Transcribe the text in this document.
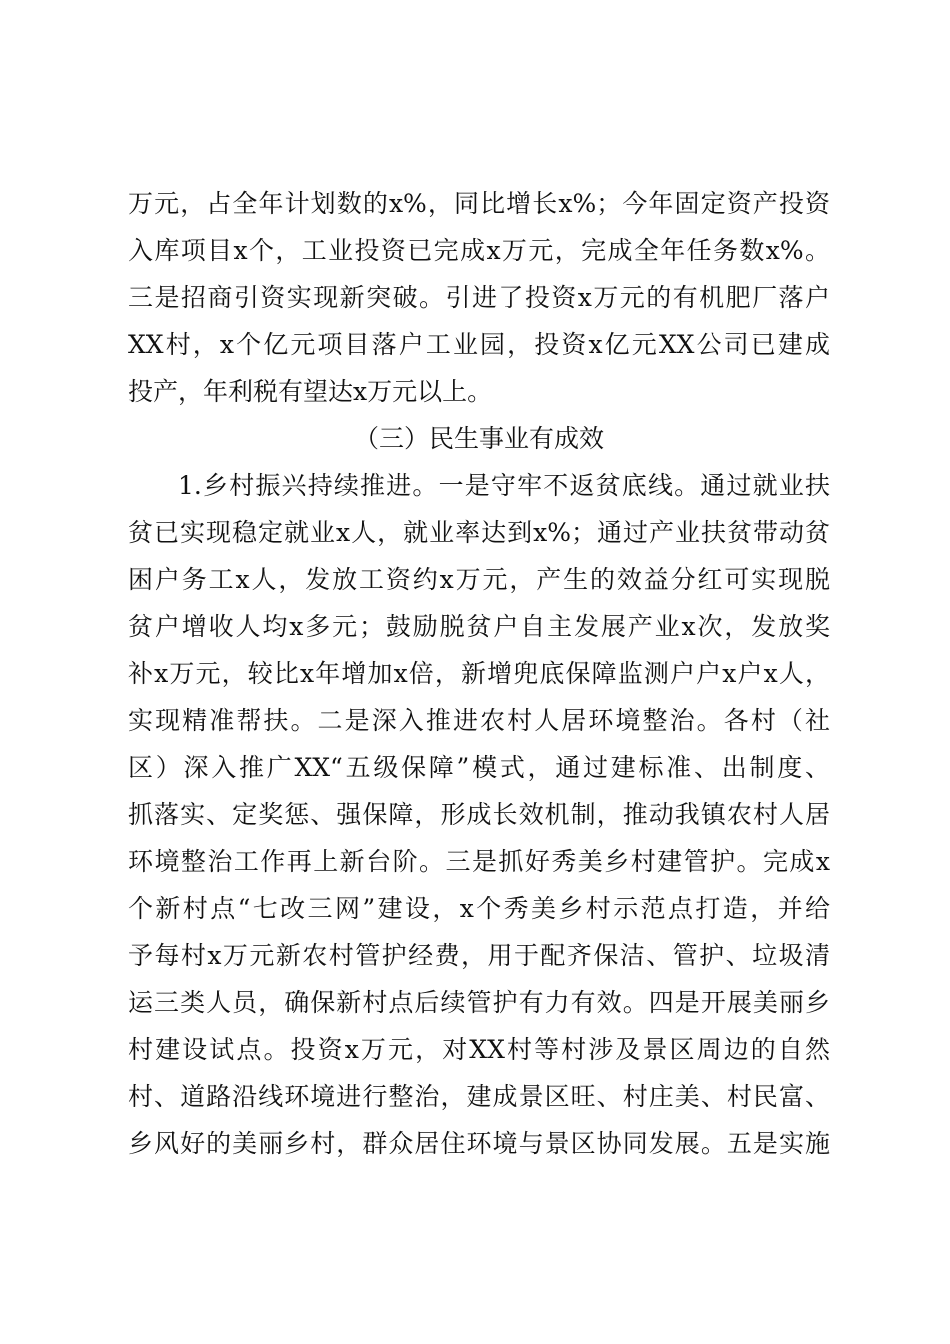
万元，占全年计划数的x%，同比增长x%；今年固定资产投资
入库项目x个，工业投资已完成x万元，完成全年任务数x%。
三是招商引资实现新突破。引进了投资x万元的有机肥厂落户
XX村，x个亿元项目落户工业园，投资x亿元XX公司已建成
投产，年利税有望达x万元以上。
（三）民生事业有成效
1.乡村振兴持续推进。一是守牢不返贫底线。通过就业扶
贫已实现稳定就业x人，就业率达到x%；通过产业扶贫带动贫
困户务工x人，发放工资约x万元，产生的效益分红可实现脱
贫户增收人均x多元；鼓励脱贫户自主发展产业x次，发放奖
补x万元，较比x年增加x倍，新增兜底保障监测户户x户x人，
实现精准帮扶。二是深入推进农村人居环境整治。各村（社
区）深入推广XX“五级保障”模式，通过建标准、出制度、
抓落实、定奖惩、强保障，形成长效机制，推动我镇农村人居
环境整治工作再上新台阶。三是抓好秀美乡村建管护。完成x
个新村点“七改三网”建设，x个秀美乡村示范点打造，并给
予每村x万元新农村管护经费，用于配齐保洁、管护、垃圾清
运三类人员，确保新村点后续管护有力有效。四是开展美丽乡
村建设试点。投资x万元，对XX村等村涉及景区周边的自然
村、道路沿线环境进行整治，建成景区旺、村庄美、村民富、
乡风好的美丽乡村，群众居住环境与景区协同发展。五是实施
